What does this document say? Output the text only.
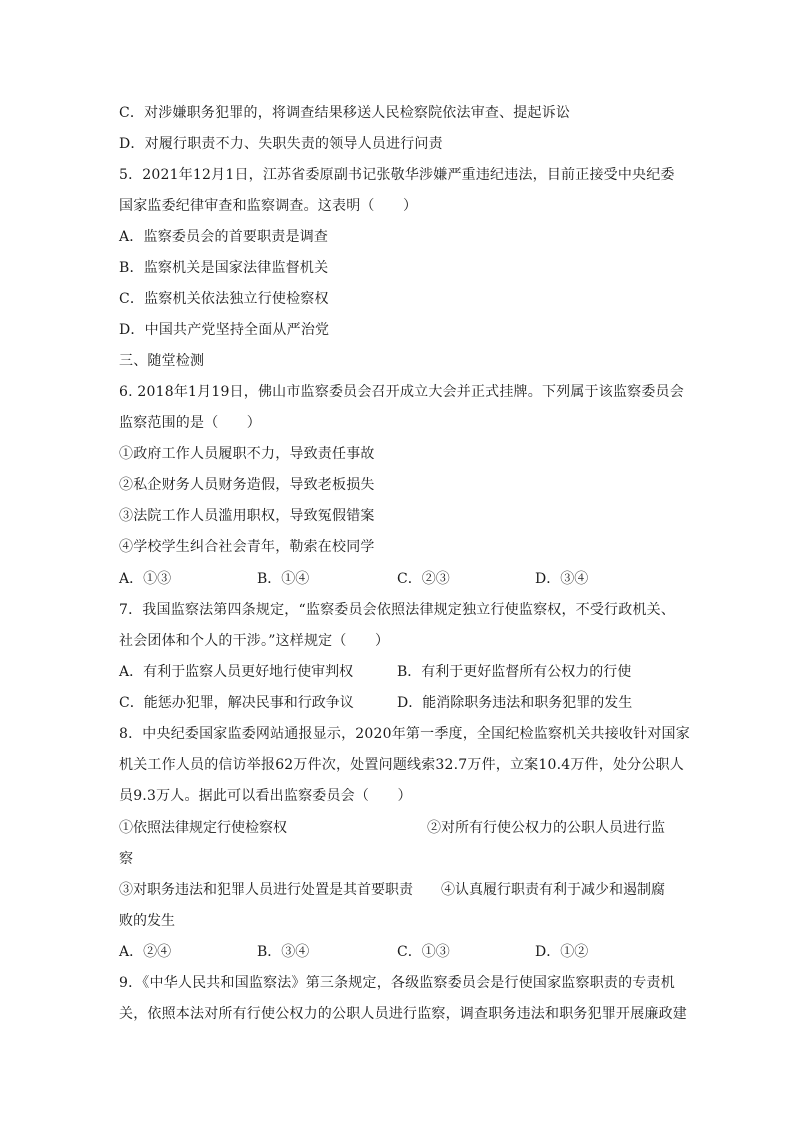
C．对涉嫌职务犯罪的，将调查结果移送人民检察院依法审查、提起诉讼
D．对履行职责不力、失职失责的领导人员进行问责
5．2021年12月1日，江苏省委原副书记张敬华涉嫌严重违纪违法，目前正接受中央纪委
国家监委纪律审查和监察调查。这表明（　　）
A．监察委员会的首要职责是调查
B．监察机关是国家法律监督机关
C．监察机关依法独立行使检察权
D．中国共产党坚持全面从严治党
三、随堂检测
6. 2018年1月19日，佛山市监察委员会召开成立大会并正式挂牌。下列属于该监察委员会
监察范围的是（　　）
①政府工作人员履职不力，导致责任事故
②私企财务人员财务造假，导致老板损失
③法院工作人员滥用职权，导致冤假错案
④学校学生纠合社会青年，勒索在校同学
A．①③	B．①④	C．②③	D．③④
7．我国监察法第四条规定，“监察委员会依照法律规定独立行使监察权，不受行政机关、
社会团体和个人的干涉。”这样规定（　　）
A．有利于监察人员更好地行使审判权	B．有利于更好监督所有公权力的行使
C．能惩办犯罪，解决民事和行政争议	D．能消除职务违法和职务犯罪的发生
8．中央纪委国家监委网站通报显示，2020年第一季度，全国纪检监察机关共接收针对国家
机关工作人员的信访举报62万件次，处置问题线索32.7万件，立案10.4万件，处分公职人
员9.3万人。据此可以看出监察委员会（　　）
①依照法律规定行使检察权	②对所有行使公权力的公职人员进行监
察
③对职务违法和犯罪人员进行处置是其首要职责 ④认真履行职责有利于减少和遏制腐
败的发生
A．②④	B．③④	C．①③	D．①②
9．《中华人民共和国监察法》第三条规定，各级监察委员会是行使国家监察职责的专责机
关，依照本法对所有行使公权力的公职人员进行监察，调查职务违法和职务犯罪开展廉政建
